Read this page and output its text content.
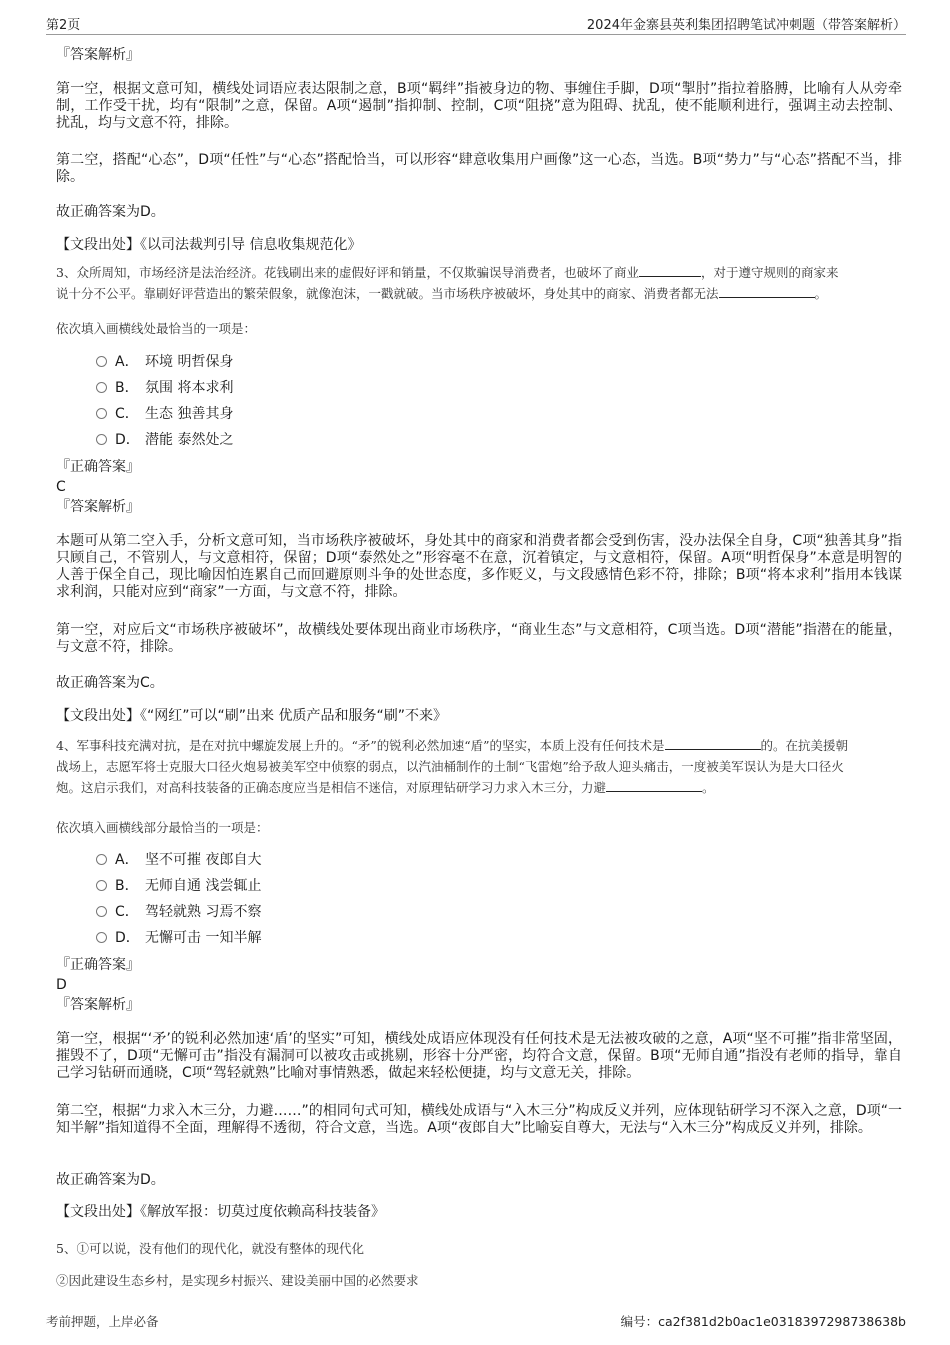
第2页	2024年金寨县英利集团招聘笔试冲刺题（带答案解析）
『答案解析』
第一空，根据文意可知，横线处词语应表达限制之意，B项“羁绊”指被身边的物、事缠住手脚，D项“掣肘”指拉着胳膊，比喻有人从旁牵制，工作受干扰，均有“限制”之意，保留。A项“遏制”指抑制、控制，C项“阻挠”意为阻碍、扰乱，使不能顺利进行，强调主动去控制、扰乱，均与文意不符，排除。
第二空，搭配“心态”，D项“任性”与“心态”搭配恰当，可以形容“肆意收集用户画像”这一心态，当选。B项“势力”与“心态”搭配不当，排除。
故正确答案为D。
【文段出处】《以司法裁判引导 信息收集规范化》
3、众所周知，市场经济是法治经济。花钱刷出来的虚假好评和销量，不仅欺骗误导消费者，也破坏了商业	，对于遵守规则的商家来
说十分不公平。靠刷好评营造出的繁荣假象，就像泡沫，一戳就破。当市场秩序被破坏，身处其中的商家、消费者都无法	。
依次填入画横线处最恰当的一项是：
A． 环境 明哲保身
B． 氛围 将本求利
C． 生态 独善其身
D． 潜能 泰然处之
『正确答案』
C
『答案解析』
本题可从第二空入手，分析文意可知，当市场秩序被破坏，身处其中的商家和消费者都会受到伤害，没办法保全自身，C项“独善其身”指只顾自己，不管别人，与文意相符，保留；D项“泰然处之”形容毫不在意，沉着镇定，与文意相符，保留。A项“明哲保身”本意是明智的人善于保全自己，现比喻因怕连累自己而回避原则斗争的处世态度，多作贬义，与文段感情色彩不符，排除；B项“将本求利”指用本钱谋求利润，只能对应到“商家”一方面，与文意不符，排除。
第一空，对应后文“市场秩序被破坏”，故横线处要体现出商业市场秩序，“商业生态”与文意相符，C项当选。D项“潜能”指潜在的能量，与文意不符，排除。
故正确答案为C。
【文段出处】《“网红”可以“刷”出来 优质产品和服务“刷”不来》
4、军事科技充满对抗，是在对抗中螺旋发展上升的。“矛”的锐利必然加速“盾”的坚实，本质上没有任何技术是	的。在抗美援朝
战场上，志愿军将士克服大口径火炮易被美军空中侦察的弱点，以汽油桶制作的土制“飞雷炮”给予敌人迎头痛击，一度被美军误认为是大口径火
炮。这启示我们，对高科技装备的正确态度应当是相信不迷信，对原理钻研学习力求入木三分，力避	。
依次填入画横线部分最恰当的一项是：
A． 坚不可摧 夜郎自大
B． 无师自通 浅尝辄止
C． 驾轻就熟 习焉不察
D． 无懈可击 一知半解
『正确答案』
D
『答案解析』
第一空，根据“‘矛’的锐利必然加速‘盾’的坚实”可知，横线处成语应体现没有任何技术是无法被攻破的之意，A项“坚不可摧”指非常坚固，摧毁不了，D项“无懈可击”指没有漏洞可以被攻击或挑剔，形容十分严密，均符合文意，保留。B项“无师自通”指没有老师的指导，靠自己学习钻研而通晓，C项“驾轻就熟”比喻对事情熟悉，做起来轻松便捷，均与文意无关，排除。
第二空，根据“力求入木三分，力避……”的相同句式可知，横线处成语与“入木三分”构成反义并列，应体现钻研学习不深入之意，D项“一知半解”指知道得不全面，理解得不透彻，符合文意，当选。A项“夜郎自大”比喻妄自尊大，无法与“入木三分”构成反义并列，排除。
故正确答案为D。
【文段出处】《解放军报：切莫过度依赖高科技装备》
5、①可以说，没有他们的现代化，就没有整体的现代化
②因此建设生态乡村，是实现乡村振兴、建设美丽中国的必然要求
考前押题，上岸必备	编号：ca2f381d2b0ac1e0318397298738638b
